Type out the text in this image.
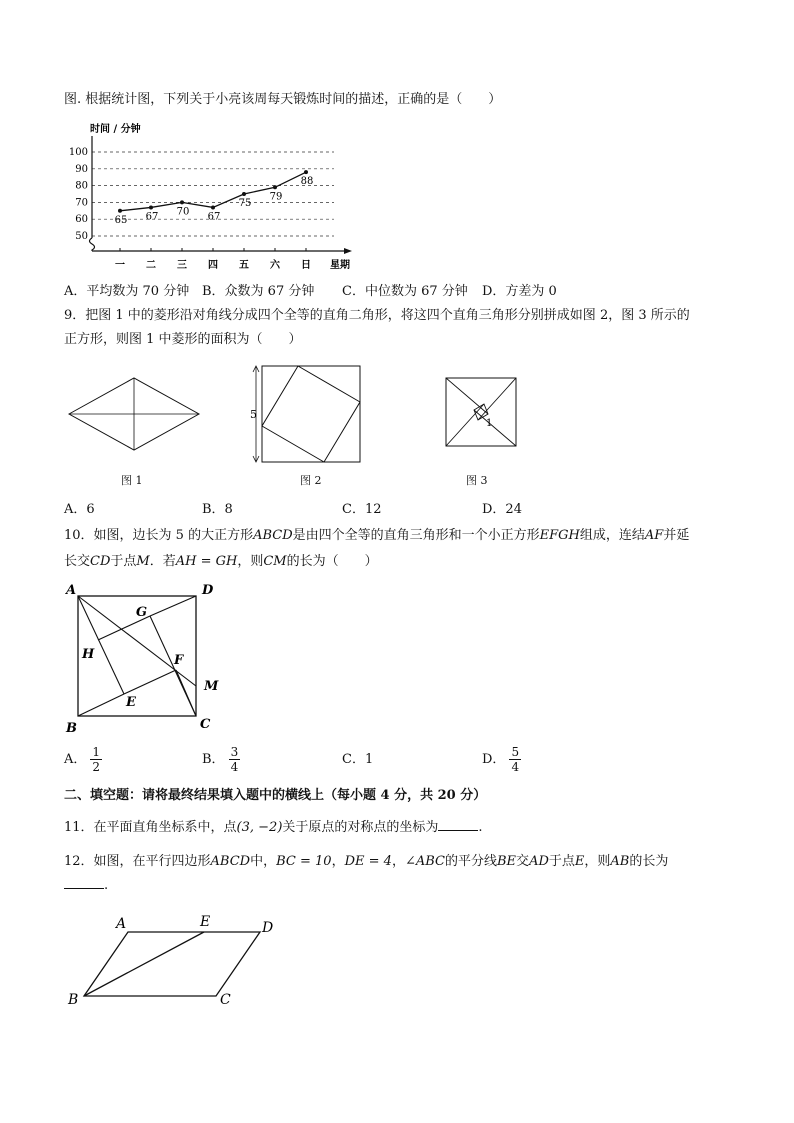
图. 根据统计图，下列关于小亮该周每天锻炼时间的描述，正确的是（　　）
时间 / 分钟
100
90
80
70
60
50
一 二 三 四 五 六 日 星期
65 67 70 67
75
79
88
A．平均数为 70 分钟 B．众数为 67 分钟 C．中位数为 67 分钟 D．方差为 0
9．把图 1 中的菱形沿对角线分成四个全等的直角二角形，将这四个直角三角形分别拼成如图 2，图 3 所示的
正方形，则图 1 中菱形的面积为（　　）
图 1
5
图 2
1
图 3
A．6	B．8	C．12	D．24
10．如图，边长为 5 的大正方形ABCD是由四个全等的直角三角形和一个小正方形EFGH组成，连结AF并延
长交CD于点M．若AH = GH，则CM的长为（　　）
A	D
B	C
G
H	F
E
M
A． $\frac{1}{2}$	B． $\frac{3}{4}$	C．1	D． $\frac{5}{4}$
二、填空题：请将最终结果填入题中的横线上（每小题 4 分，共 20 分）
11．在平面直角坐标系中，点(3, −2)关于原点的对称点的坐标为	.
12．如图，在平行四边形ABCD中，BC = 10，DE = 4，∠ABC的平分线BE交AD于点E，则AB的长为
.
A	E	D
B	C
